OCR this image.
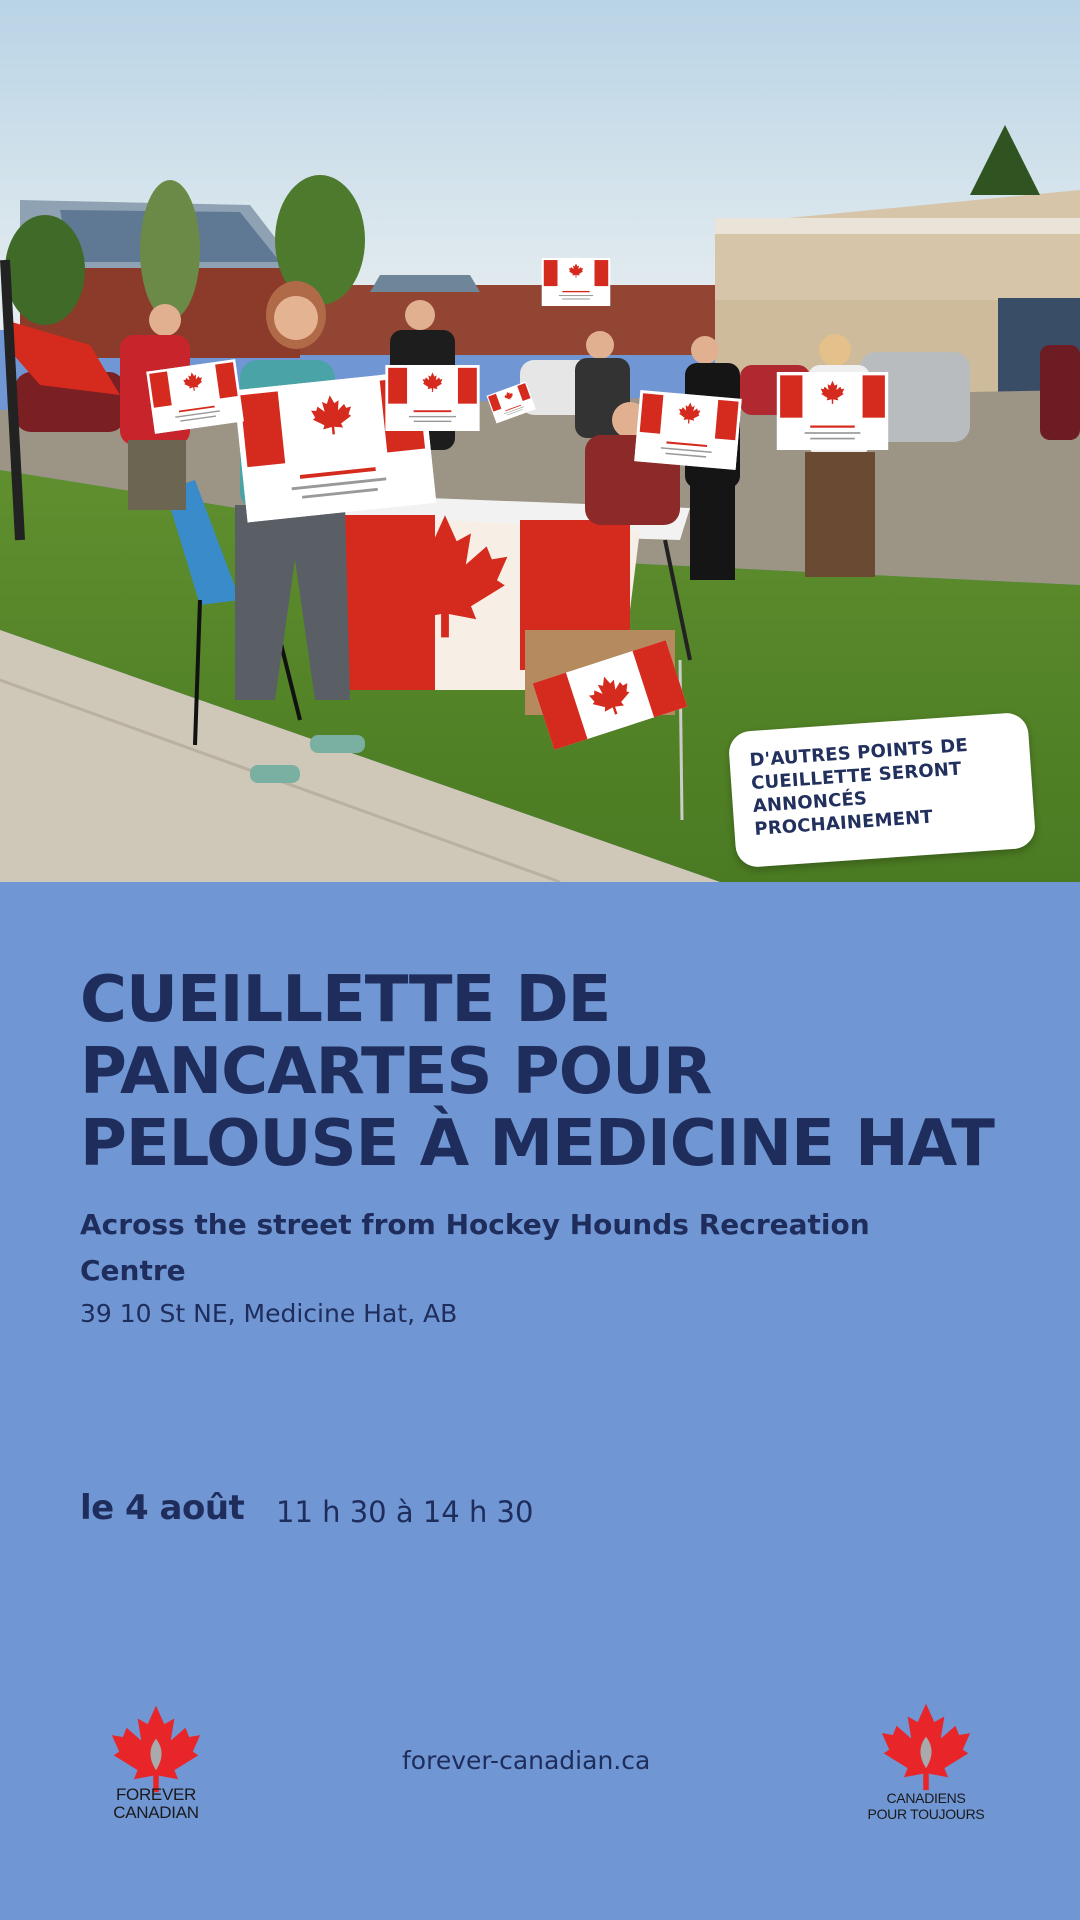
D'AUTRES POINTS DE
CUEILLETTE SERONT
ANNONCÉS
PROCHAINEMENT

CUEILLETTE DE
PANCARTES POUR
PELOUSE À MEDICINE HAT

Across the street from Hockey Hounds Recreation Centre

39 10 St NE, Medicine Hat, AB

le 4 août 11 h 30 à 14 h 30

FOREVER
CANADIAN
forever-canadian.ca
CANADIENS
POUR TOUJOURS
